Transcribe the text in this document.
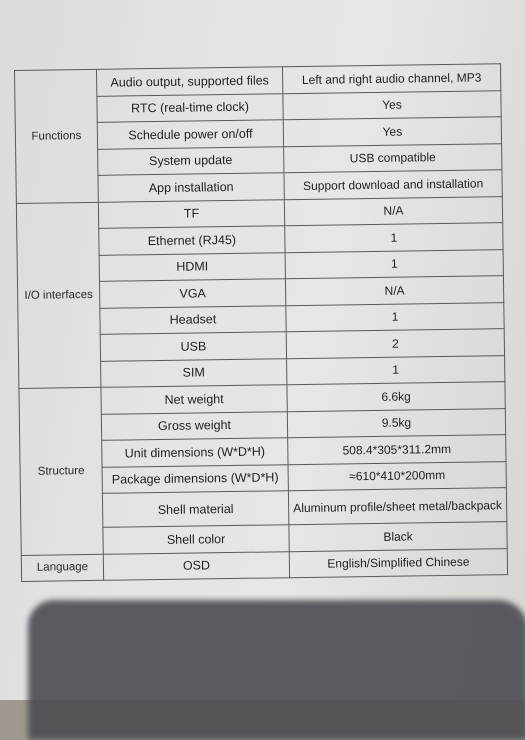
Functions	Audio output, supported files	Left and right audio channel, MP3
	RTC (real-time clock)	Yes
	Schedule power on/off	Yes
	System update	USB compatible
	App installation	Support download and installation
I/O interfaces	TF	N/A
	Ethernet (RJ45)	1
	HDMI	1
	VGA	N/A
	Headset	1
	USB	2
	SIM	1
Structure	Net weight	6.6kg
	Gross weight	9.5kg
	Unit dimensions (W*D*H)	508.4*305*311.2mm
	Package dimensions (W*D*H)	≈610*410*200mm
	Shell material	Aluminum profile/sheet metal/backpack
	Shell color	Black
Language	OSD	English/Simplified Chinese
